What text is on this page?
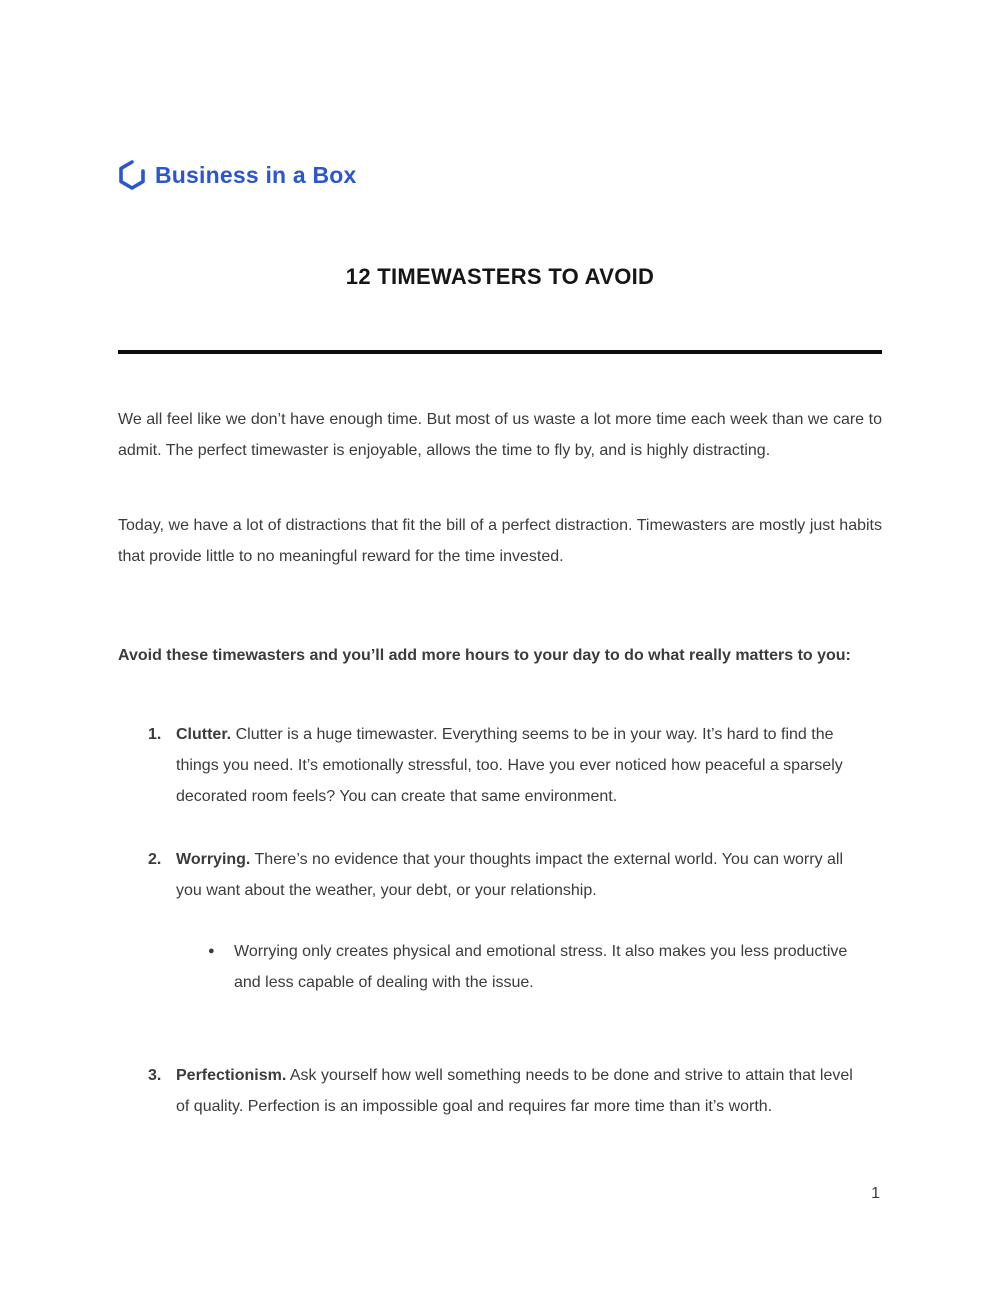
Business in a Box
12 TIMEWASTERS TO AVOID

We all feel like we don’t have enough time. But most of us waste a lot more time each week than we care to admit. The perfect timewaster is enjoyable, allows the time to fly by, and is highly distracting.

Today, we have a lot of distractions that fit the bill of a perfect distraction. Timewasters are mostly just habits that provide little to no meaningful reward for the time invested.

Avoid these timewasters and you’ll add more hours to your day to do what really matters to you:

1. Clutter. Clutter is a huge timewaster. Everything seems to be in your way. It’s hard to find the things you need. It’s emotionally stressful, too. Have you ever noticed how peaceful a sparsely decorated room feels? You can create that same environment.

2. Worrying. There’s no evidence that your thoughts impact the external world. You can worry all you want about the weather, your debt, or your relationship.

●	Worrying only creates physical and emotional stress. It also makes you less productive and less capable of dealing with the issue.

3. Perfectionism. Ask yourself how well something needs to be done and strive to attain that level of quality. Perfection is an impossible goal and requires far more time than it’s worth.

1
